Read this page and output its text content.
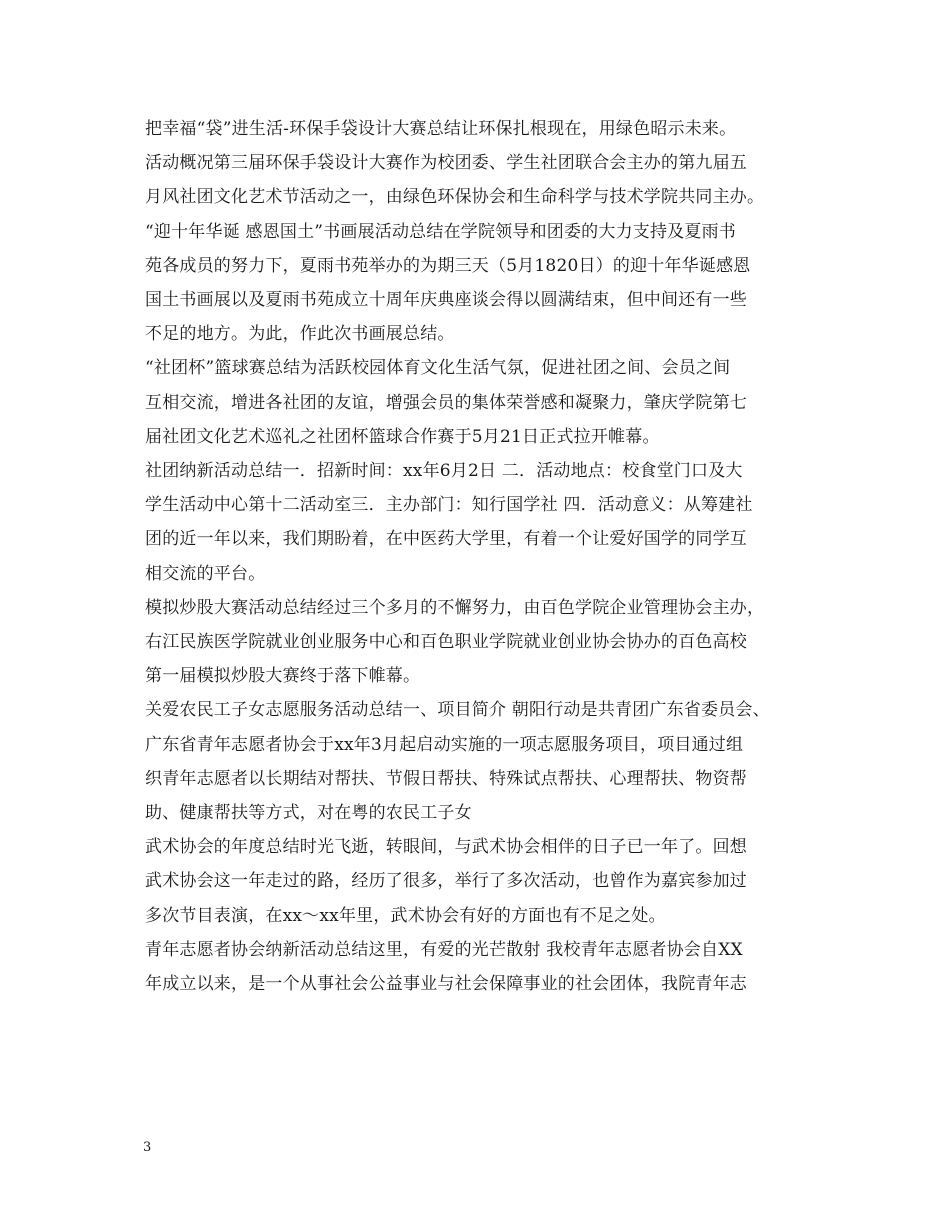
把幸福“袋”进生活-环保手袋设计大赛总结让环保扎根现在，用绿色昭示未来。
活动概况第三届环保手袋设计大赛作为校团委、学生社团联合会主办的第九届五
月风社团文化艺术节活动之一，由绿色环保协会和生命科学与技术学院共同主办。

“迎十年华诞 感恩国土”书画展活动总结在学院领导和团委的大力支持及夏雨书
苑各成员的努力下，夏雨书苑举办的为期三天（5月1820日）的迎十年华诞感恩
国土书画展以及夏雨书苑成立十周年庆典座谈会得以圆满结束，但中间还有一些
不足的地方。为此，作此次书画展总结。

“社团杯”篮球赛总结为活跃校园体育文化生活气氛，促进社团之间、会员之间
互相交流，增进各社团的友谊，增强会员的集体荣誉感和凝聚力，肇庆学院第七
届社团文化艺术巡礼之社团杯篮球合作赛于5月21日正式拉开帷幕。

社团纳新活动总结一．招新时间：xx年6月2日 二．活动地点：校食堂门口及大
学生活动中心第十二活动室三．主办部门：知行国学社 四．活动意义：从筹建社
团的近一年以来，我们期盼着，在中医药大学里，有着一个让爱好国学的同学互
相交流的平台。

模拟炒股大赛活动总结经过三个多月的不懈努力，由百色学院企业管理协会主办，
右江民族医学院就业创业服务中心和百色职业学院就业创业协会协办的百色高校
第一届模拟炒股大赛终于落下帷幕。

关爱农民工子女志愿服务活动总结一、项目简介 朝阳行动是共青团广东省委员会、
广东省青年志愿者协会于xx年3月起启动实施的一项志愿服务项目，项目通过组
织青年志愿者以长期结对帮扶、节假日帮扶、特殊试点帮扶、心理帮扶、物资帮
助、健康帮扶等方式，对在粤的农民工子女

武术协会的年度总结时光飞逝，转眼间，与武术协会相伴的日子已一年了。回想
武术协会这一年走过的路，经历了很多，举行了多次活动，也曾作为嘉宾参加过
多次节目表演，在xx～xx年里，武术协会有好的方面也有不足之处。

青年志愿者协会纳新活动总结这里，有爱的光芒散射 我校青年志愿者协会自XX
年成立以来，是一个从事社会公益事业与社会保障事业的社会团体，我院青年志

3
